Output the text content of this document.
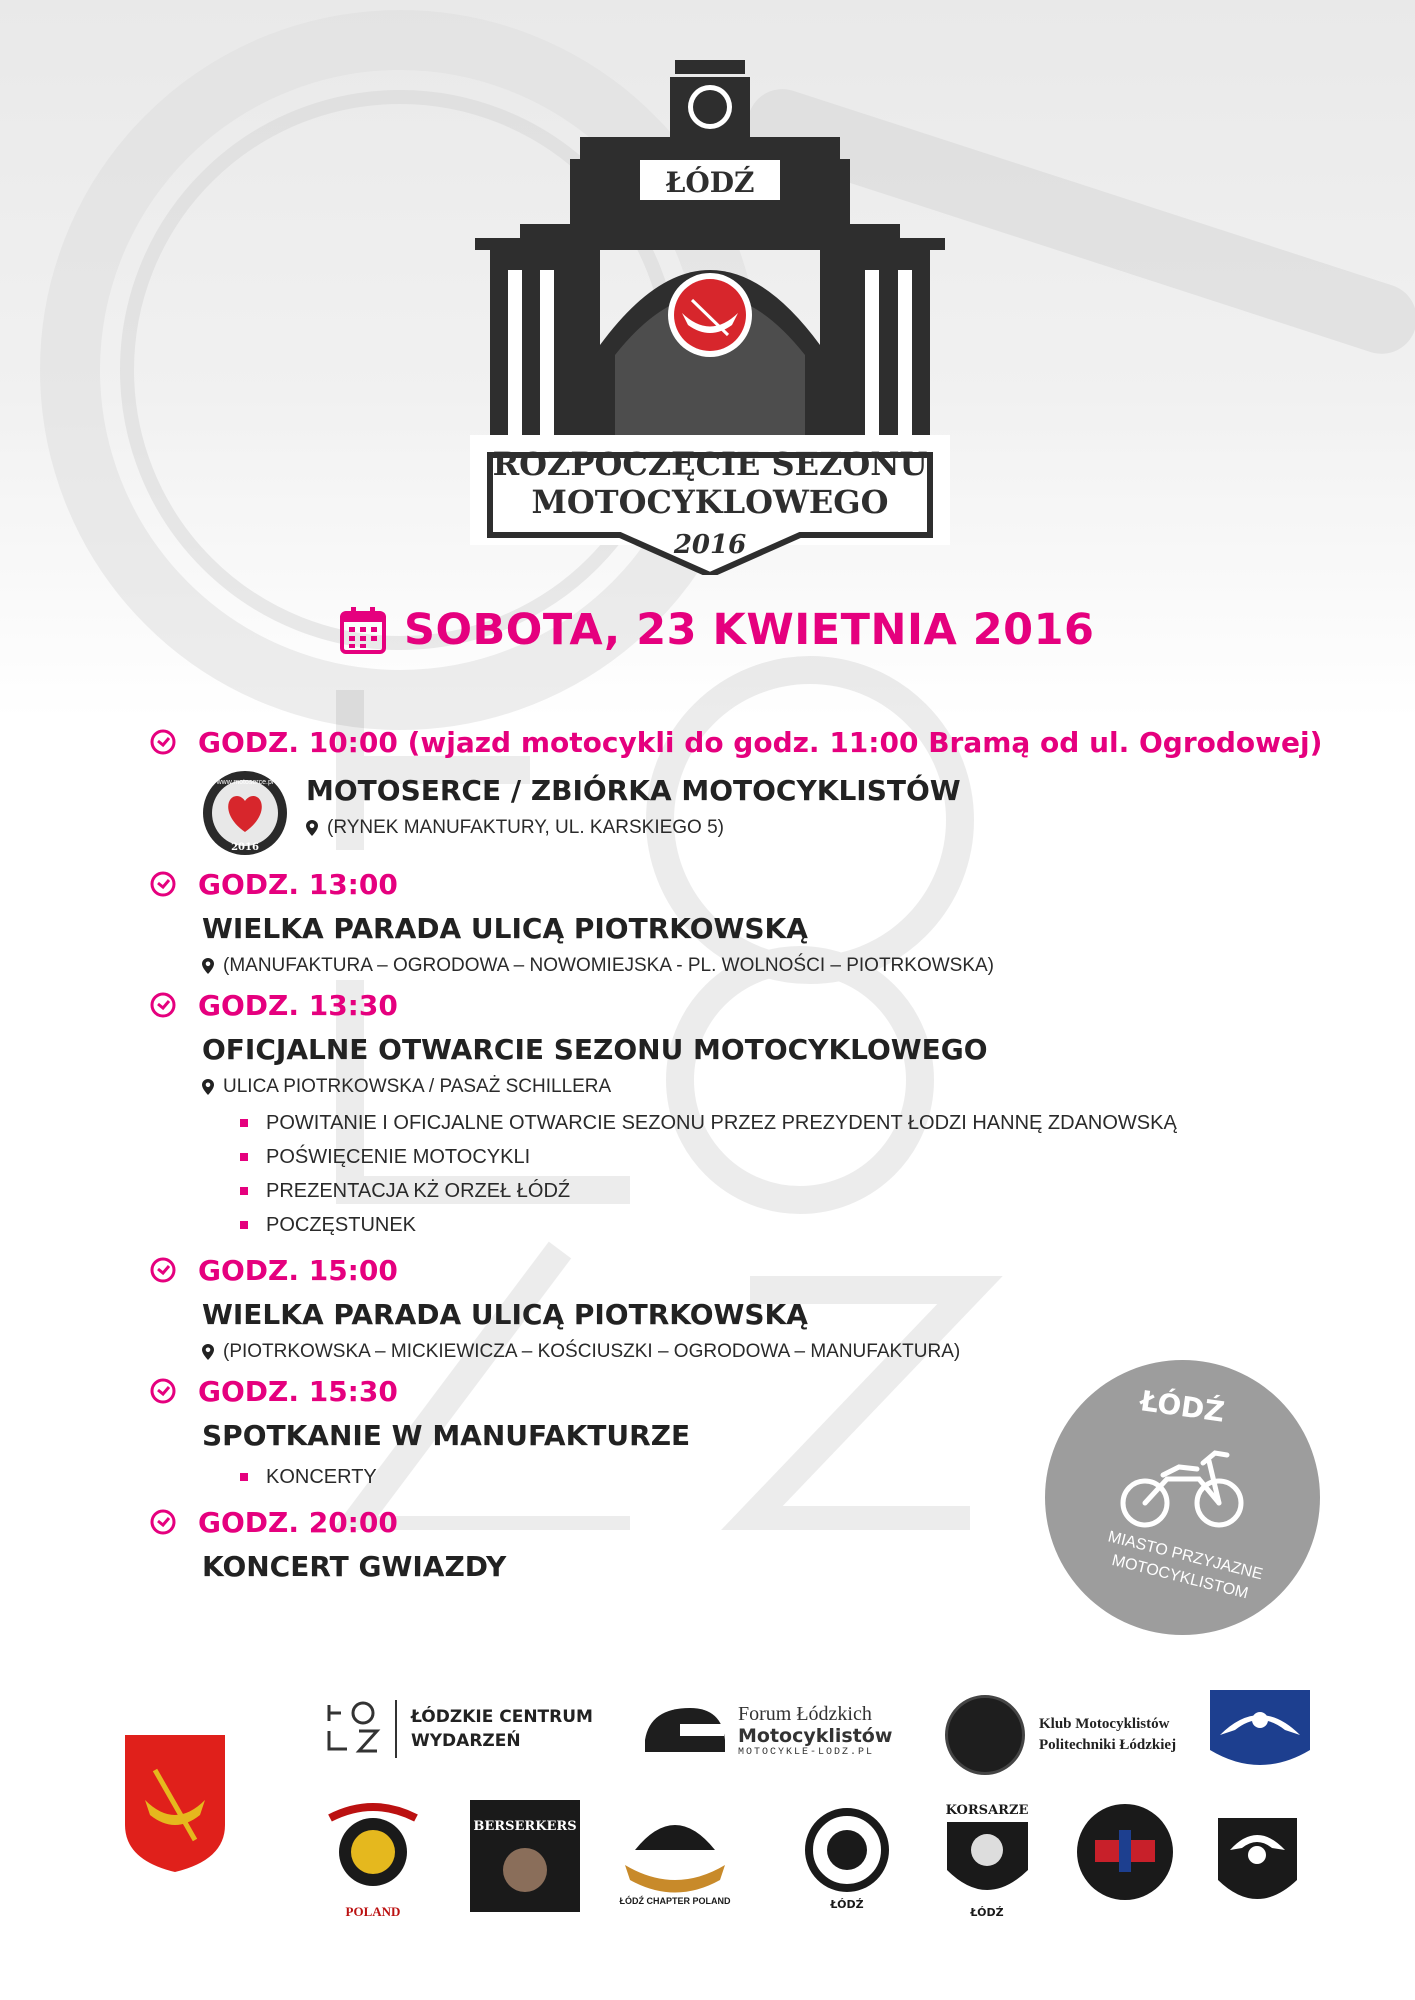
ŁÓDŹ
ROZPOCZĘCIE SEZONU
MOTOCYKLOWEGO
2016
SOBOTA, 23 KWIETNIA 2016
GODZ. 10:00 (wjazd motocykli do godz. 11:00 Bramą od ul. Ogrodowej)
www.motoserce.pl
2016
MOTOSERCE / ZBIÓRKA MOTOCYKLISTÓW
(RYNEK MANUFAKTURY, UL. KARSKIEGO 5)
GODZ. 13:00
WIELKA PARADA ULICĄ PIOTRKOWSKĄ
(MANUFAKTURA – OGRODOWA – NOWOMIEJSKA - PL. WOLNOŚCI – PIOTRKOWSKA)
GODZ. 13:30
OFICJALNE OTWARCIE SEZONU MOTOCYKLOWEGO
ULICA PIOTRKOWSKA / PASAŻ SCHILLERA
POWITANIE I OFICJALNE OTWARCIE SEZONU PRZEZ PREZYDENT ŁODZI HANNĘ ZDANOWSKĄ
POŚWIĘCENIE MOTOCYKLI
PREZENTACJA KŻ ORZEŁ ŁÓDŹ
POCZĘSTUNEK
GODZ. 15:00
WIELKA PARADA ULICĄ PIOTRKOWSKĄ
(PIOTRKOWSKA – MICKIEWICZA – KOŚCIUSZKI – OGRODOWA – MANUFAKTURA)
GODZ. 15:30
SPOTKANIE W MANUFAKTURZE
KONCERTY
GODZ. 20:00
KONCERT GWIAZDY
ŁÓDŹ
MIASTO PRZYJAZNE MOTOCYKLISTOM
ŁÓDZKIE CENTRUM
WYDARZEŃ
Forum Łódzkich
Motocyklistów
MOTOCYKLE-LODZ.PL
Klub Motocyklistów
Politechniki Łódzkiej
POLAND
BERSERKERS
ŁÓDŹ CHAPTER POLAND	ŁÓDŹ
KORSARZE
ŁÓDŹ
